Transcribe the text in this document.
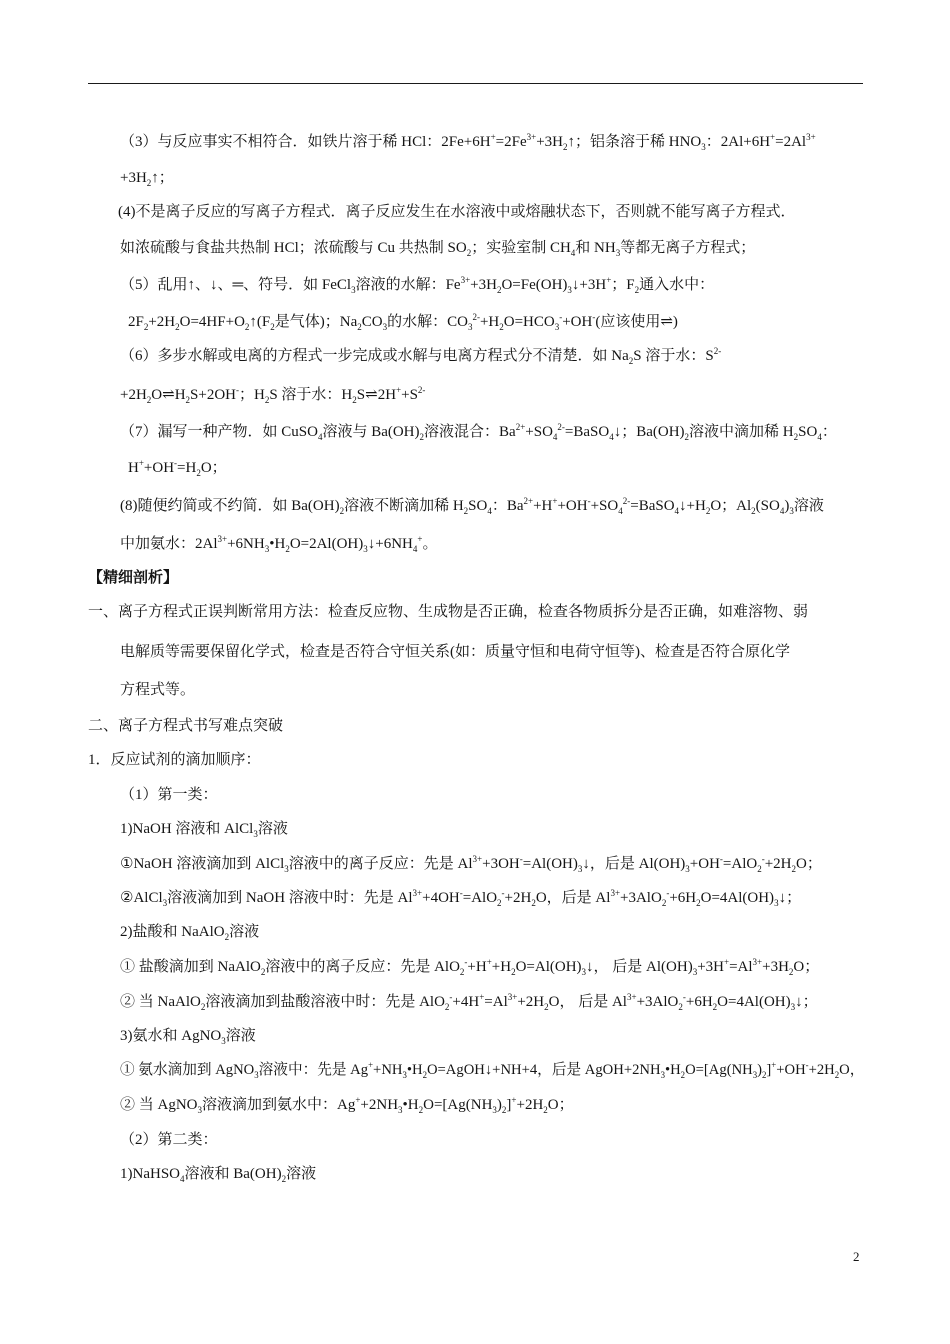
（3）与反应事实不相符合．如铁片溶于稀 HCl：$2Fe+6H^+=2Fe^{3+}+3H_2↑$；铝条溶于稀 $HNO_3$：$2Al+6H^+=2Al^{3+}$
$+3H_2↑$；
(4)不是离子反应的写离子方程式．离子反应发生在水溶液中或熔融状态下，否则就不能写离子方程式．
如浓硫酸与食盐共热制 HCl；浓硫酸与 Cu 共热制 $SO_2$；实验室制 $CH_4$和 $NH_3$等都无离子方程式；
（5）乱用↑、↓、═、符号．如 FeCl$_3$溶液的水解：$Fe^{3+}+3H_2O=Fe(OH)_3↓+3H^+$；$F_2$通入水中：
$2F_2+2H_2O=4HF+O_2↑(F_2$是气体)；$Na_2CO_3$的水解：$CO_3^{2-}+H_2O=HCO_3^-+OH^-$(应该使用⇌)
（6）多步水解或电离的方程式一步完成或水解与电离方程式分不清楚．如 $Na_2S$ 溶于水：$S^{2-}$
$+2H_2O\rightleftharpoons H_2S+2OH^-$；$H_2S$ 溶于水：$H_2S\rightleftharpoons 2H^++S^{2-}$
（7）漏写一种产物．如 CuSO$_4$溶液与 $Ba(OH)_2$溶液混合：$Ba^{2+}+SO_4^{2-}=BaSO_4↓$；$Ba(OH)_2$溶液中滴加稀 $H_2SO_4$：
$H^++OH^-=H_2O$；
(8)随便约简或不约简．如 $Ba(OH)_2$溶液不断滴加稀 $H_2SO_4$：$Ba^{2+}+H^++OH^-+SO_4^{2-}=BaSO_4↓+H_2O$；$Al_2(SO_4)_3$溶液
中加氨水：$2Al^{3+}+6NH_3•H_2O=2Al(OH)_3↓+6NH_4^+$。
【精细剖析】
一、离子方程式正误判断常用方法：检查反应物、生成物是否正确，检查各物质拆分是否正确，如难溶物、弱
电解质等需要保留化学式，检查是否符合守恒关系(如：质量守恒和电荷守恒等)、检查是否符合原化学
方程式等。
二、离子方程式书写难点突破
1．反应试剂的滴加顺序：
（1）第一类：
1)NaOH 溶液和 AlCl$_3$溶液
①NaOH 溶液滴加到 AlCl$_3$溶液中的离子反应：先是 $Al^{3+}+3OH^-=Al(OH)_3↓$，后是 $Al(OH)_3+OH^-=AlO_2^-+2H_2O$；
②AlCl$_3$溶液滴加到 NaOH 溶液中时：先是 $Al^{3+}+4OH^-=AlO_2^-+2H_2O$，后是 $Al^{3+}+3AlO_2^-+6H_2O=4Al(OH)_3↓$；
2)盐酸和 NaAlO$_2$溶液
① 盐酸滴加到 NaAlO$_2$溶液中的离子反应：先是 $AlO_2^-+H^++H_2O=Al(OH)_3↓$， 后是 $Al(OH)_3+3H^+=Al^{3+}+3H_2O$；
② 当 NaAlO$_2$溶液滴加到盐酸溶液中时：先是 $AlO_2^-+4H^+=Al^{3+}+2H_2O$， 后是 $Al^{3+}+3AlO_2^-+6H_2O=4Al(OH)_3↓$；
3)氨水和 AgNO$_3$溶液
① 氨水滴加到 AgNO$_3$溶液中：先是 $Ag^++NH_3•H_2O=AgOH↓+NH+4$，后是 $AgOH+2NH_3•H_2O=[Ag(NH_3)_2]^++OH^-+2H_2O$，
② 当 AgNO$_3$溶液滴加到氨水中：$Ag^++2NH_3•H_2O=[Ag(NH_3)_2]^++2H_2O$；
（2）第二类：
1)NaHSO$_4$溶液和 $Ba(OH)_2$溶液
2
